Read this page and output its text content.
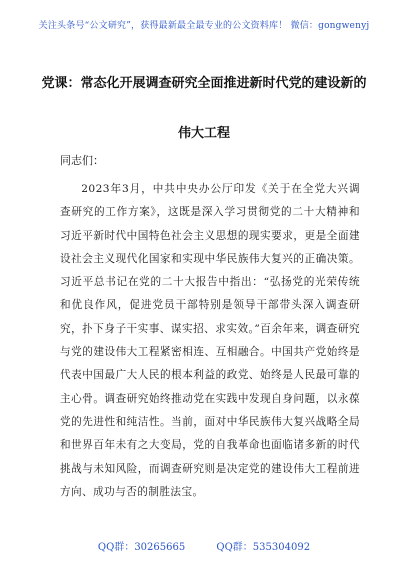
关注头条号“公文研究”，获得最新最全最专业的公文资料库！ 微信：gongwenyj
党课：常态化开展调查研究全面推进新时代党的建设新的
伟大工程
同志们：

2023年3月，中共中央办公厅印发《关于在全党大兴调查研究的工作方案》，这既是深入学习贯彻党的二十大精神和习近平新时代中国特色社会主义思想的现实要求，更是全面建设社会主义现代化国家和实现中华民族伟大复兴的正确决策。习近平总书记在党的二十大报告中指出：“弘扬党的光荣传统和优良作风，促进党员干部特别是领导干部带头深入调查研究，扑下身子干实事、谋实招、求实效。”百余年来，调查研究与党的建设伟大工程紧密相连、互相融合。中国共产党始终是代表中国最广大人民的根本利益的政党、始终是人民最可靠的主心骨。调查研究始终推动党在实践中发现自身问题，以永葆党的先进性和纯洁性。当前，面对中华民族伟大复兴战略全局和世界百年未有之大变局，党的自我革命也面临诸多新的时代挑战与未知风险，而调查研究则是决定党的建设伟大工程前进方向、成功与否的制胜法宝。

QQ群：30265665	QQ群：535304092
